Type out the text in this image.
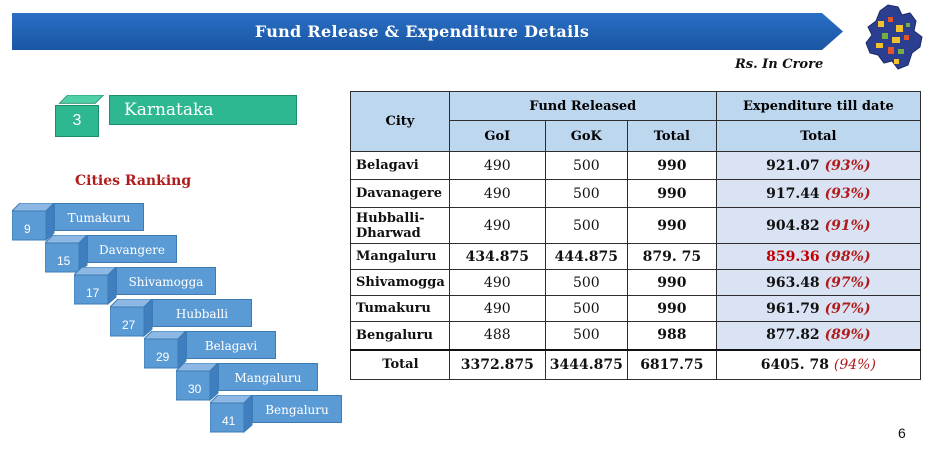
Fund Release & Expenditure Details
Rs. In Crore
3
Karnataka
Cities Ranking
9
Tumakuru
15
Davangere
17
Shivamogga
27
Hubballi
29
Belagavi
30
Mangaluru
41
Bengaluru
City	Fund Released			Expenditure till date
	GoI	GoK	Total	Total
Belagavi	490	500	990	921.07 (93%)
Davanagere	490	500	990	917.44 (93%)
Hubballi-
Dharwad	490	500	990	904.82 (91%)
Mangaluru	434.875	444.875	879. 75	859.36 (98%)
Shivamogga	490	500	990	963.48 (97%)
Tumakuru	490	500	990	961.79 (97%)
Bengaluru	488	500	988	877.82 (89%)
Total	3372.875	3444.875	6817.75	6405. 78 (94%)
6
